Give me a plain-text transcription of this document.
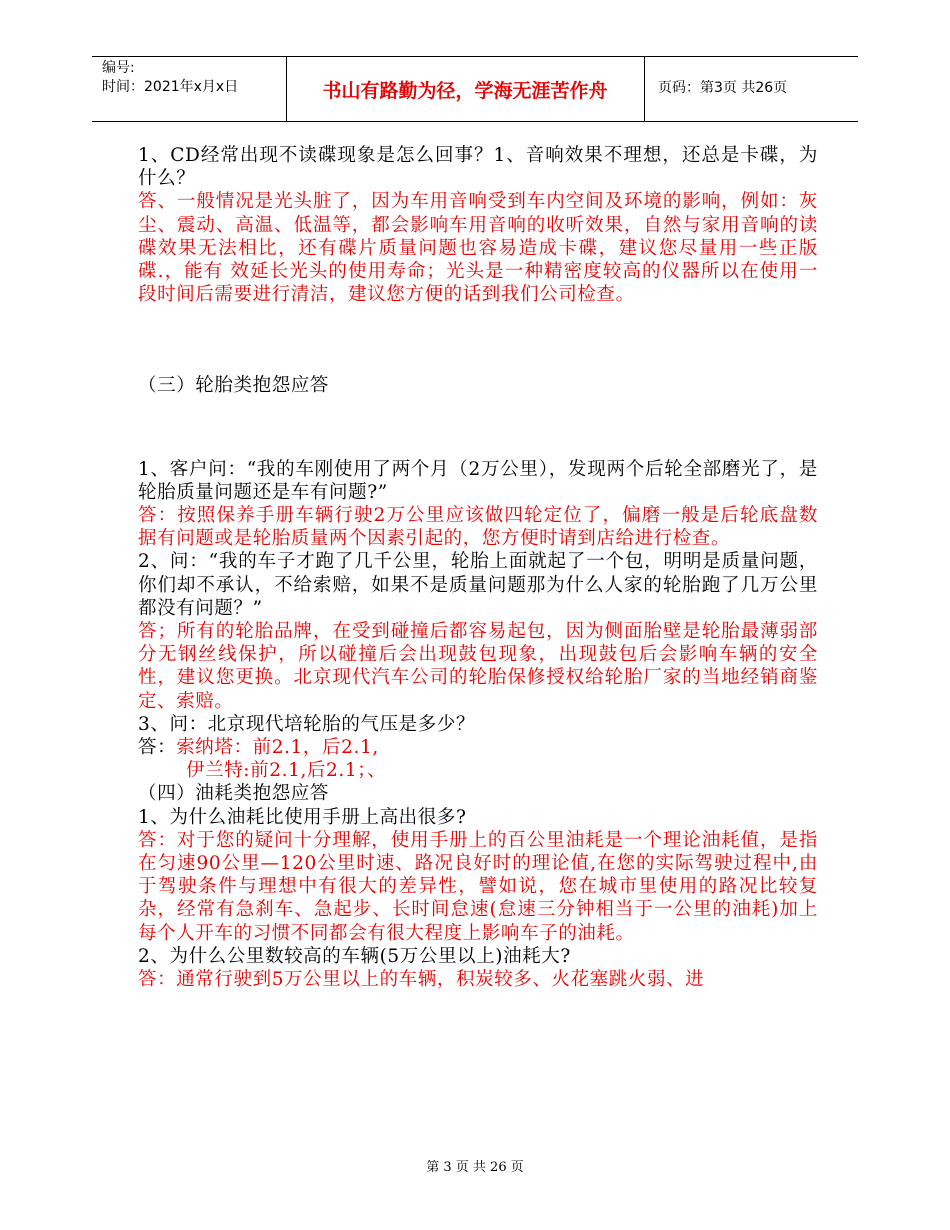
编号:
时间：2021年x月x日	书山有路勤为径，学海无涯苦作舟	页码：第3页 共26页

1、CD经常出现不读碟现象是怎么回事？1、音响效果不理想，还总是卡碟，为什么？

答、一般情况是光头脏了，因为车用音响受到车内空间及环境的影响，例如：灰尘、震动、高温、低温等，都会影响车用音响的收听效果，自然与家用音响的读碟效果无法相比，还有碟片质量问题也容易造成卡碟，建议您尽量用一些正版碟.，能有 效延长光头的使用寿命；光头是一种精密度较高的仪器所以在使用一段时间后需要进行清洁，建议您方便的话到我们公司检查。

（三）轮胎类抱怨应答

1、客户问：“我的车刚使用了两个月（2万公里），发现两个后轮全部磨光了，是轮胎质量问题还是车有问题?”

答：按照保养手册车辆行驶2万公里应该做四轮定位了，偏磨一般是后轮底盘数据有问题或是轮胎质量两个因素引起的，您方便时请到店给进行检查。

2、问：“我的车子才跑了几千公里，轮胎上面就起了一个包，明明是质量问题，你们却不承认，不给索赔，如果不是质量问题那为什么人家的轮胎跑了几万公里都没有问题？”

答；所有的轮胎品牌，在受到碰撞后都容易起包，因为侧面胎壁是轮胎最薄弱部分无钢丝线保护，所以碰撞后会出现鼓包现象，出现鼓包后会影响车辆的安全性，建议您更换。北京现代汽车公司的轮胎保修授权给轮胎厂家的当地经销商鉴定、索赔。

3、问：北京现代培轮胎的气压是多少？

答：索纳塔：前2.1，后2.1,

伊兰特:前2.1,后2.1；、

（四）油耗类抱怨应答

1、为什么油耗比使用手册上高出很多?

答：对于您的疑问十分理解，使用手册上的百公里油耗是一个理论油耗值，是指在匀速90公里—120公里时速、路况良好时的理论值,在您的实际驾驶过程中,由于驾驶条件与理想中有很大的差异性，譬如说，您在城市里使用的路况比较复杂，经常有急刹车、急起步、长时间怠速(怠速三分钟相当于一公里的油耗)加上每个人开车的习惯不同都会有很大程度上影响车子的油耗。

2、为什么公里数较高的车辆(5万公里以上)油耗大?

答：通常行驶到5万公里以上的车辆，积炭较多、火花塞跳火弱、进

第 3 页 共 26 页
